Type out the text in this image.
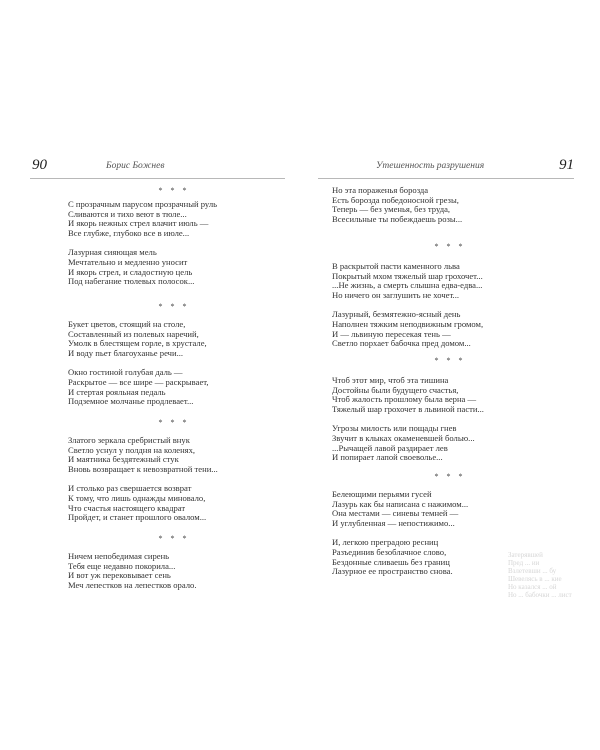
90	Борис Божнев
* * *
С прозрачным парусом прозрачный руль
Сливаются и тихо веют в тюле...
И якорь нежных стрел влачит июль —
Все глубже, глубоко все в июле...
Лазурная сияющая мель
Мечтательно и медленно уносит
И якорь стрел, и сладостную цель
Под набегание тюлевых полосок...
* * *
Букет цветов, стоящий на столе,
Составленный из полевых наречий,
Умолк в блестящем горле, в хрустале,
И воду пьет благоуханье речи...
Окно гостиной голубая даль —
Раскрытое — все шире — раскрывает,
И стертая рояльная педаль
Подземное молчанье продлевает...
* * *
Златого зеркала сребристый внук
Светло уснул у полдня на коленях,
И маятника бездятежный стук
Вновь возвращает к невозвратной тени...
И столько раз свершается возврат
К тому, что лишь однажды миновало,
Что счастья настоящего квадрат
Пройдет, и станет прошлого овалом...
* * *
Ничем непобедимая сирень
Тебя еще недавно покорила...
И вот уж перековывает сень
Меч лепестков на лепестков орало.
Утешенность разрушения	91
Но эта пораженья борозда
Есть борозда победоносной грезы,
Теперь — без уменья, без труда,
Всесильные ты побеждаешь розы...
* * *
В раскрытой пасти каменного льва
Покрытый мхом тяжелый шар грохочет...
...Не жизнь, а смерть слышна едва-едва...
Но ничего он заглушить не хочет...
Лазурный, безмятежно-ясный день
Наполнен тяжким неподвижным громом,
И — львиную пересекая тень —
Светло порхает бабочка пред домом...
* * *
Чтоб этот мир, чтоб эта тишина
Достойны были будущего счастья,
Чтоб жалость прошлому была верна —
Тяжелый шар грохочет в львиной пасти...
Угрозы милость или пощады гнев
Звучит в клыках окаменевшей болью...
...Рычащей лавой раздирает лев
И попирает лапой своеволье...
* * *
Белеющими перьями гусей
Лазурь как бы написана с нажимом...
Она местами — синевы темней —
И углубленная — непостижимо...
И, легкою преградою ресниц
Разъединив безоблачное слово,
Бездонные сливаешь без границ
Лазурное ее пространство снова.
Затерявшей
Пред ... ии
Взлетевши ... бу
Шевелясь в ... кие
Но казался ... ой
Но ... бабочки ... лист
